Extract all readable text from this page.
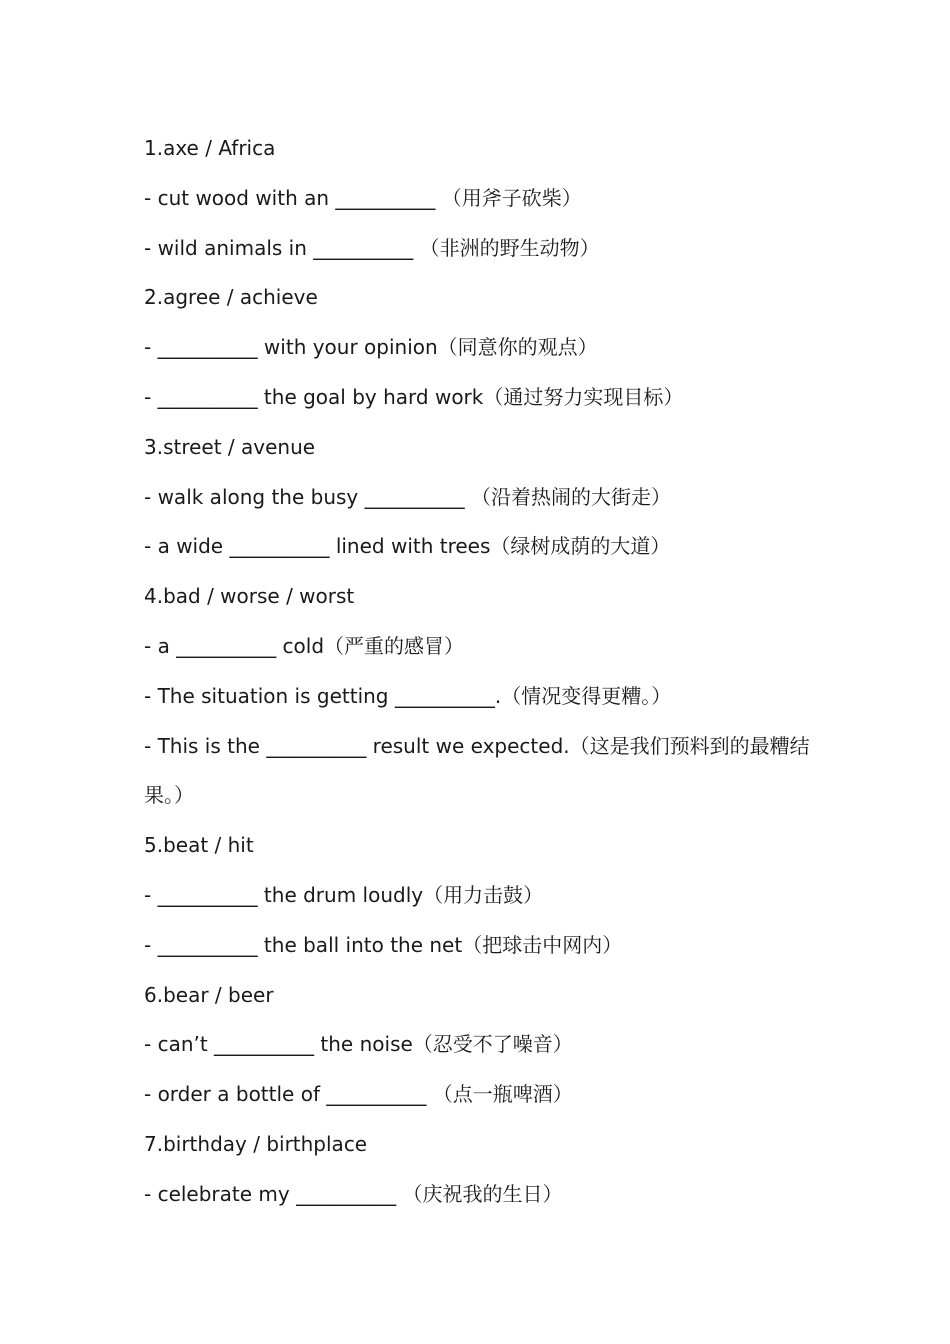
1.axe / Africa
- cut wood with an __________ （用斧子砍柴）
- wild animals in __________ （非洲的野生动物）
2.agree / achieve
- __________ with your opinion（同意你的观点）
- __________ the goal by hard work（通过努力实现目标）
3.street / avenue
- walk along the busy __________ （沿着热闹的大街走）
- a wide __________ lined with trees（绿树成荫的大道）
4.bad / worse / worst
- a __________ cold（严重的感冒）
- The situation is getting __________.（情况变得更糟。）
- This is the __________ result we expected.（这是我们预料到的最糟结果。）
5.beat / hit
- __________ the drum loudly（用力击鼓）
- __________ the ball into the net（把球击中网内）
6.bear / beer
- can’t __________ the noise（忍受不了噪音）
- order a bottle of __________ （点一瓶啤酒）
7.birthday / birthplace
- celebrate my __________ （庆祝我的生日）
